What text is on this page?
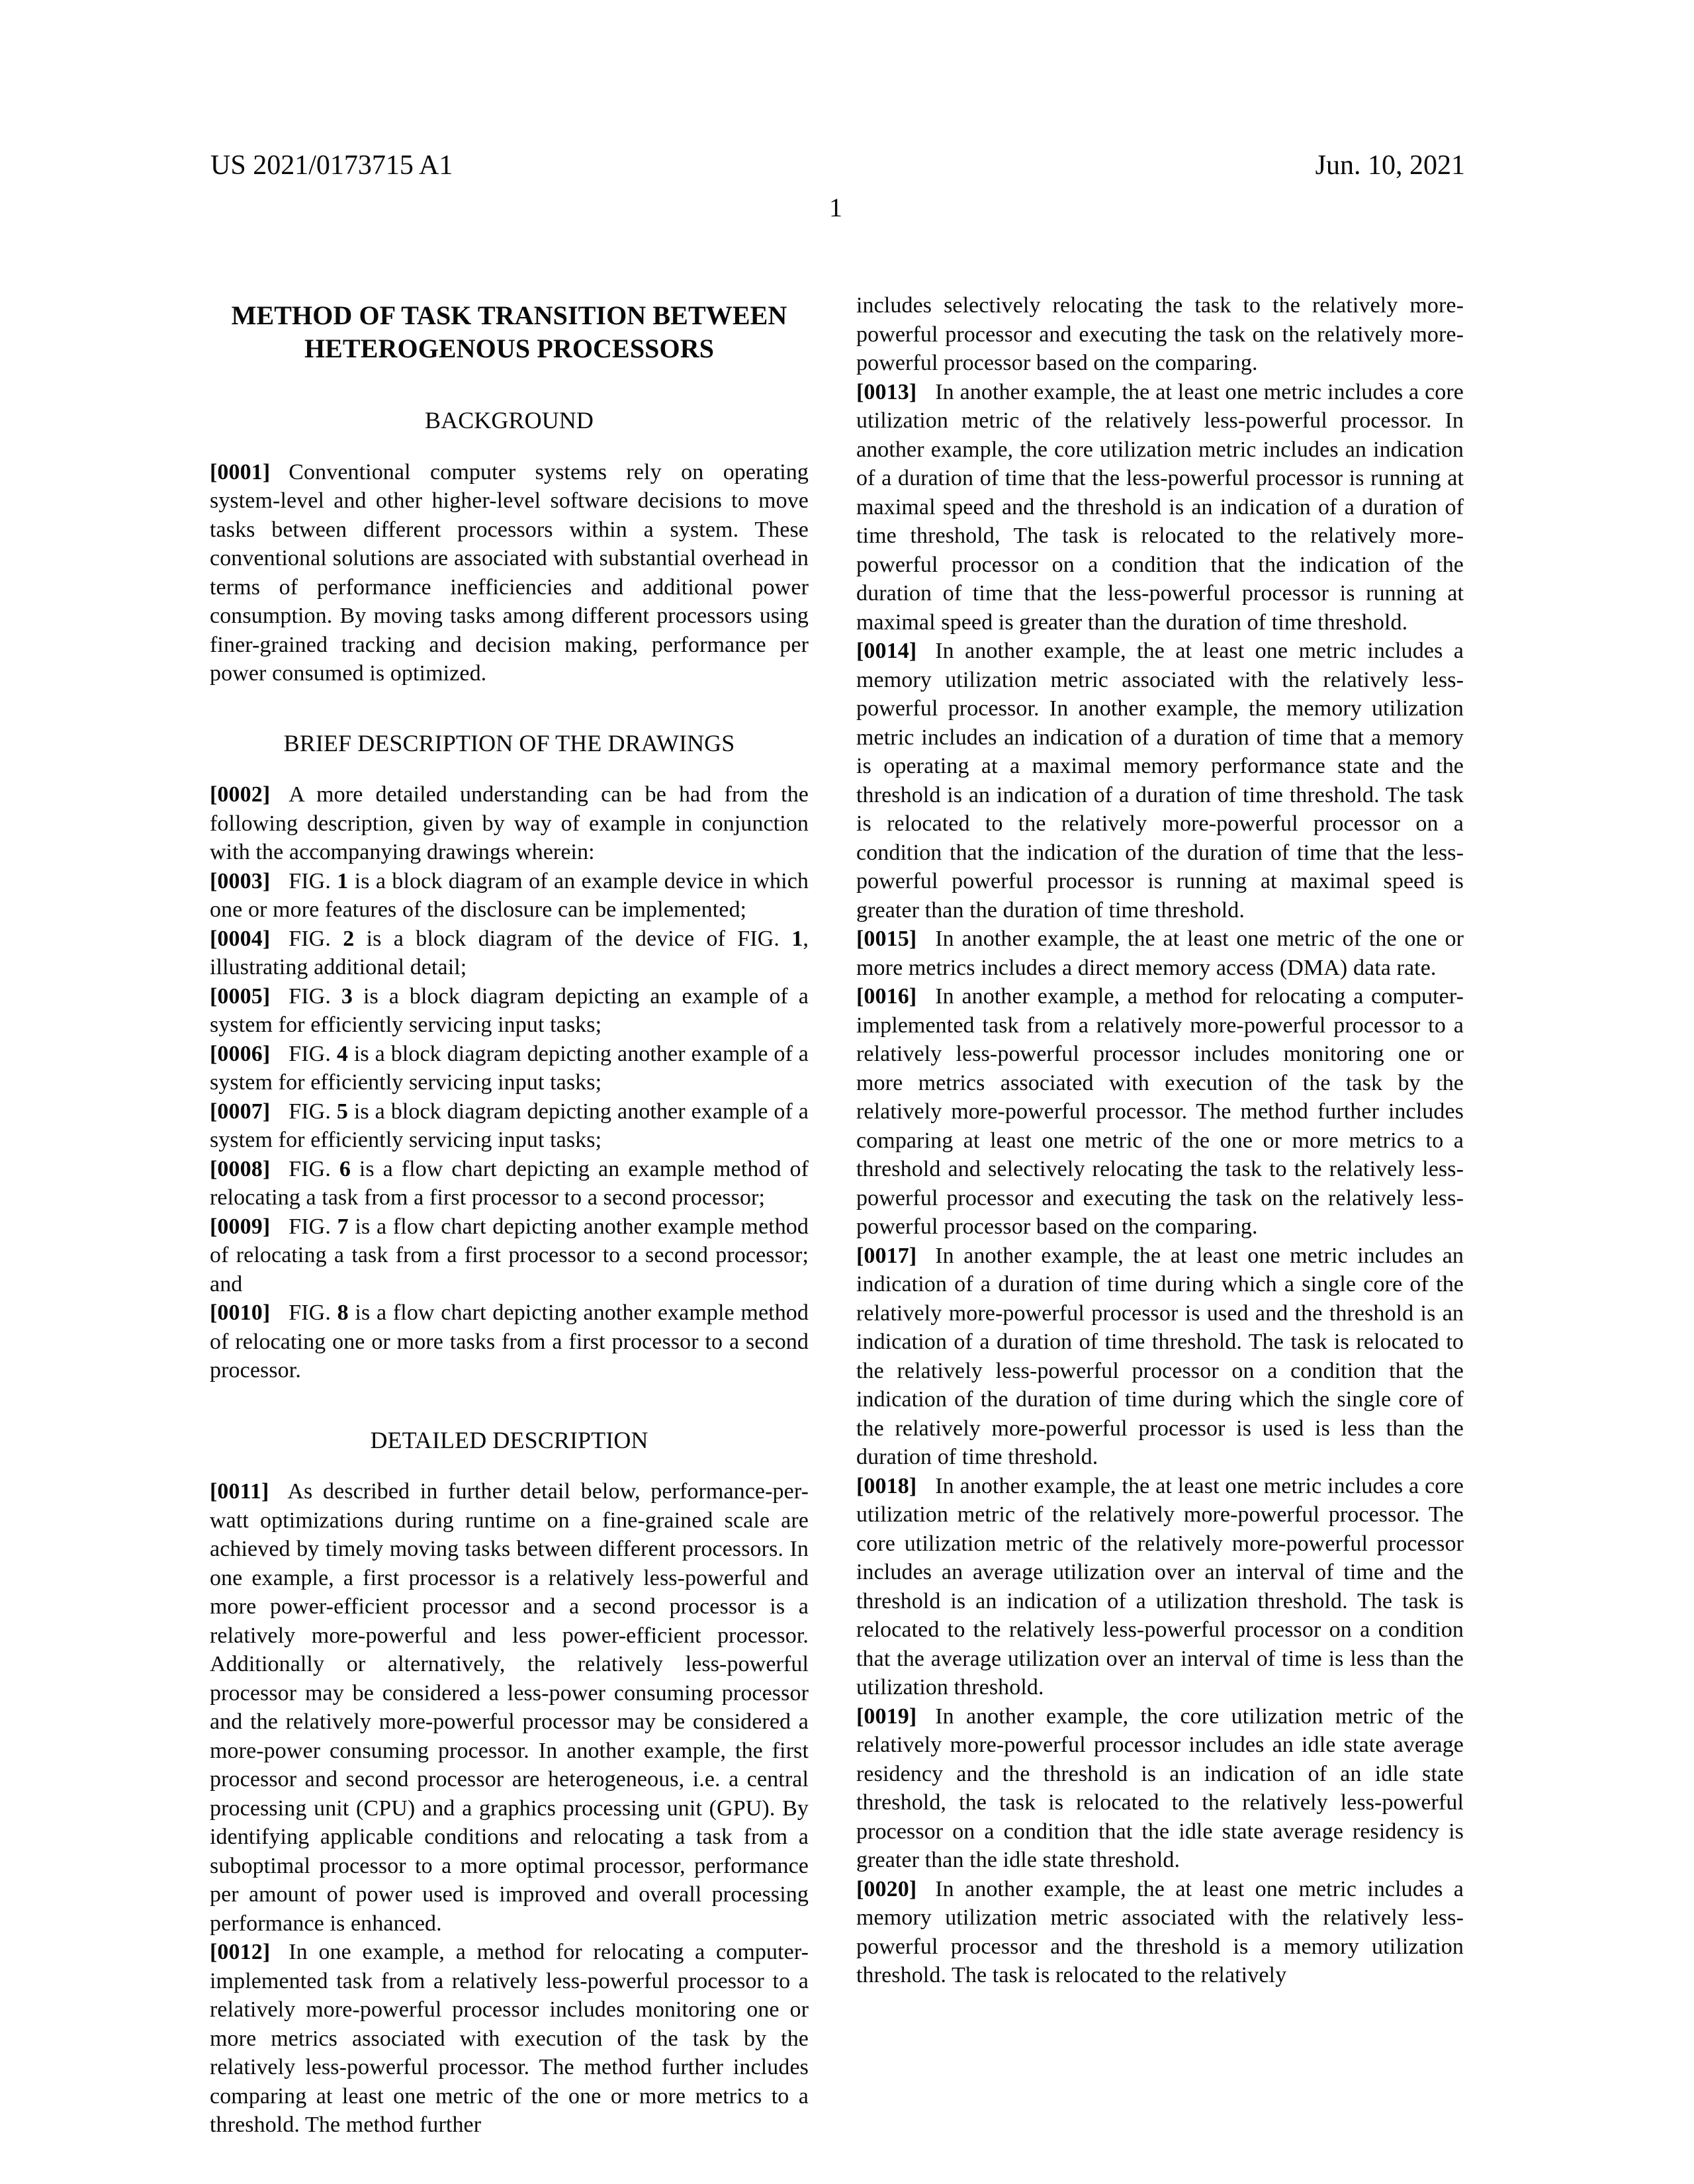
US 2021/0173715 A1	Jun. 10, 2021
1
METHOD OF TASK TRANSITION BETWEEN HETEROGENOUS PROCESSORS
BACKGROUND

[0001] Conventional computer systems rely on operating system-level and other higher-level software decisions to move tasks between different processors within a system. These conventional solutions are associated with substantial overhead in terms of performance inefficiencies and additional power consumption. By moving tasks among different processors using finer-grained tracking and decision making, performance per power consumed is optimized.

BRIEF DESCRIPTION OF THE DRAWINGS

[0002] A more detailed understanding can be had from the following description, given by way of example in conjunction with the accompanying drawings wherein:

[0003] FIG. 1 is a block diagram of an example device in which one or more features of the disclosure can be implemented;

[0004] FIG. 2 is a block diagram of the device of FIG. 1, illustrating additional detail;

[0005] FIG. 3 is a block diagram depicting an example of a system for efficiently servicing input tasks;

[0006] FIG. 4 is a block diagram depicting another example of a system for efficiently servicing input tasks;

[0007] FIG. 5 is a block diagram depicting another example of a system for efficiently servicing input tasks;

[0008] FIG. 6 is a flow chart depicting an example method of relocating a task from a first processor to a second processor;

[0009] FIG. 7 is a flow chart depicting another example method of relocating a task from a first processor to a second processor; and

[0010] FIG. 8 is a flow chart depicting another example method of relocating one or more tasks from a first processor to a second processor.

DETAILED DESCRIPTION

[0011] As described in further detail below, performance-per-watt optimizations during runtime on a fine-grained scale are achieved by timely moving tasks between different processors. In one example, a first processor is a relatively less-powerful and more power-efficient processor and a second processor is a relatively more-powerful and less power-efficient processor. Additionally or alternatively, the relatively less-powerful processor may be considered a less-power consuming processor and the relatively more-powerful processor may be considered a more-power consuming processor. In another example, the first processor and second processor are heterogeneous, i.e. a central processing unit (CPU) and a graphics processing unit (GPU). By identifying applicable conditions and relocating a task from a suboptimal processor to a more optimal processor, performance per amount of power used is improved and overall processing performance is enhanced.

[0012] In one example, a method for relocating a computer-implemented task from a relatively less-powerful processor to a relatively more-powerful processor includes monitoring one or more metrics associated with execution of the task by the relatively less-powerful processor. The method further includes comparing at least one metric of the one or more metrics to a threshold. The method further

includes selectively relocating the task to the relatively more-powerful processor and executing the task on the relatively more-powerful processor based on the comparing.

[0013] In another example, the at least one metric includes a core utilization metric of the relatively less-powerful processor. In another example, the core utilization metric includes an indication of a duration of time that the less-powerful processor is running at maximal speed and the threshold is an indication of a duration of time threshold, The task is relocated to the relatively more-powerful processor on a condition that the indication of the duration of time that the less-powerful processor is running at maximal speed is greater than the duration of time threshold.

[0014] In another example, the at least one metric includes a memory utilization metric associated with the relatively less-powerful processor. In another example, the memory utilization metric includes an indication of a duration of time that a memory is operating at a maximal memory performance state and the threshold is an indication of a duration of time threshold. The task is relocated to the relatively more-powerful processor on a condition that the indication of the duration of time that the less-powerful powerful processor is running at maximal speed is greater than the duration of time threshold.

[0015] In another example, the at least one metric of the one or more metrics includes a direct memory access (DMA) data rate.

[0016] In another example, a method for relocating a computer-implemented task from a relatively more-powerful processor to a relatively less-powerful processor includes monitoring one or more metrics associated with execution of the task by the relatively more-powerful processor. The method further includes comparing at least one metric of the one or more metrics to a threshold and selectively relocating the task to the relatively less-powerful processor and executing the task on the relatively less-powerful processor based on the comparing.

[0017] In another example, the at least one metric includes an indication of a duration of time during which a single core of the relatively more-powerful processor is used and the threshold is an indication of a duration of time threshold. The task is relocated to the relatively less-powerful processor on a condition that the indication of the duration of time during which the single core of the relatively more-powerful processor is used is less than the duration of time threshold.

[0018] In another example, the at least one metric includes a core utilization metric of the relatively more-powerful processor. The core utilization metric of the relatively more-powerful processor includes an average utilization over an interval of time and the threshold is an indication of a utilization threshold. The task is relocated to the relatively less-powerful processor on a condition that the average utilization over an interval of time is less than the utilization threshold.

[0019] In another example, the core utilization metric of the relatively more-powerful processor includes an idle state average residency and the threshold is an indication of an idle state threshold, the task is relocated to the relatively less-powerful processor on a condition that the idle state average residency is greater than the idle state threshold.

[0020] In another example, the at least one metric includes a memory utilization metric associated with the relatively less-powerful processor and the threshold is a memory utilization threshold. The task is relocated to the relatively
